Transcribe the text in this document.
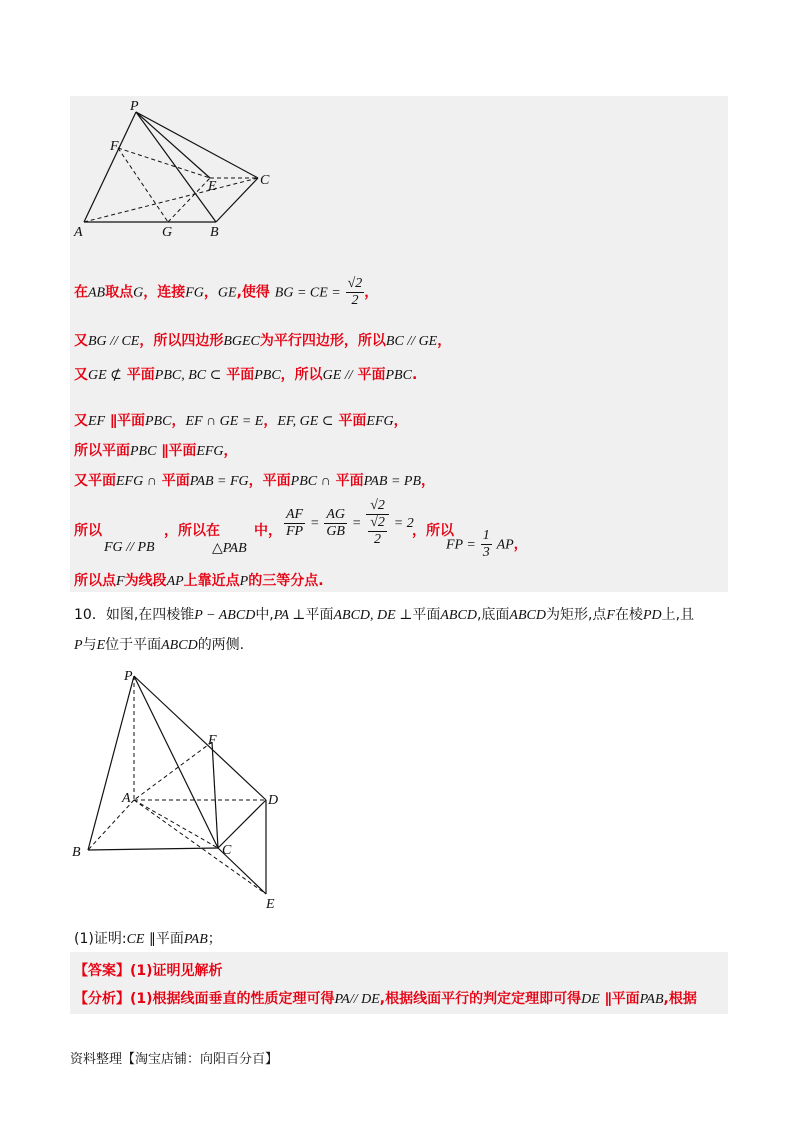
P
F
E	C
A	G	B
在AB取点G，连接FG，GE,使得 BG = CE = $\frac{√2}{2}$ ，
又BG // CE，所以四边形BGEC为平行四边形，所以BC // GE，
又GE ⊄ 平面PBC, BC ⊂ 平面PBC，所以GE // 平面PBC.
又EF ∥平面PBC，EF ∩ GE = E，EF, GE ⊂ 平面EFG，
所以平面PBC ∥平面EFG，
又平面EFG ∩ 平面PAB = FG，平面PBC ∩ 平面PAB = PB，
所以
FG // PB
，所以在
△PAB
中， $\frac{AF}{FP} = \frac{AG}{GB} = \frac{√2}{\frac{√2}{2}} = 2$
，所以
FP = $\frac{1}{3}$ AP，
所以点F为线段AP上靠近点P的三等分点.
10．如图,在四棱锥P − ABCD中,PA ⊥平面ABCD, DE ⊥平面ABCD,底面ABCD为矩形,点F在棱PD上,且
P与E位于平面ABCD的两侧.
P
F
A	D
B	C
E
(1)证明:CE ∥平面PAB；
【答案】(1)证明见解析
【分析】(1)根据线面垂直的性质定理可得PA// DE,根据线面平行的判定定理即可得DE ∥平面PAB,根据
资料整理【淘宝店铺：向阳百分百】
